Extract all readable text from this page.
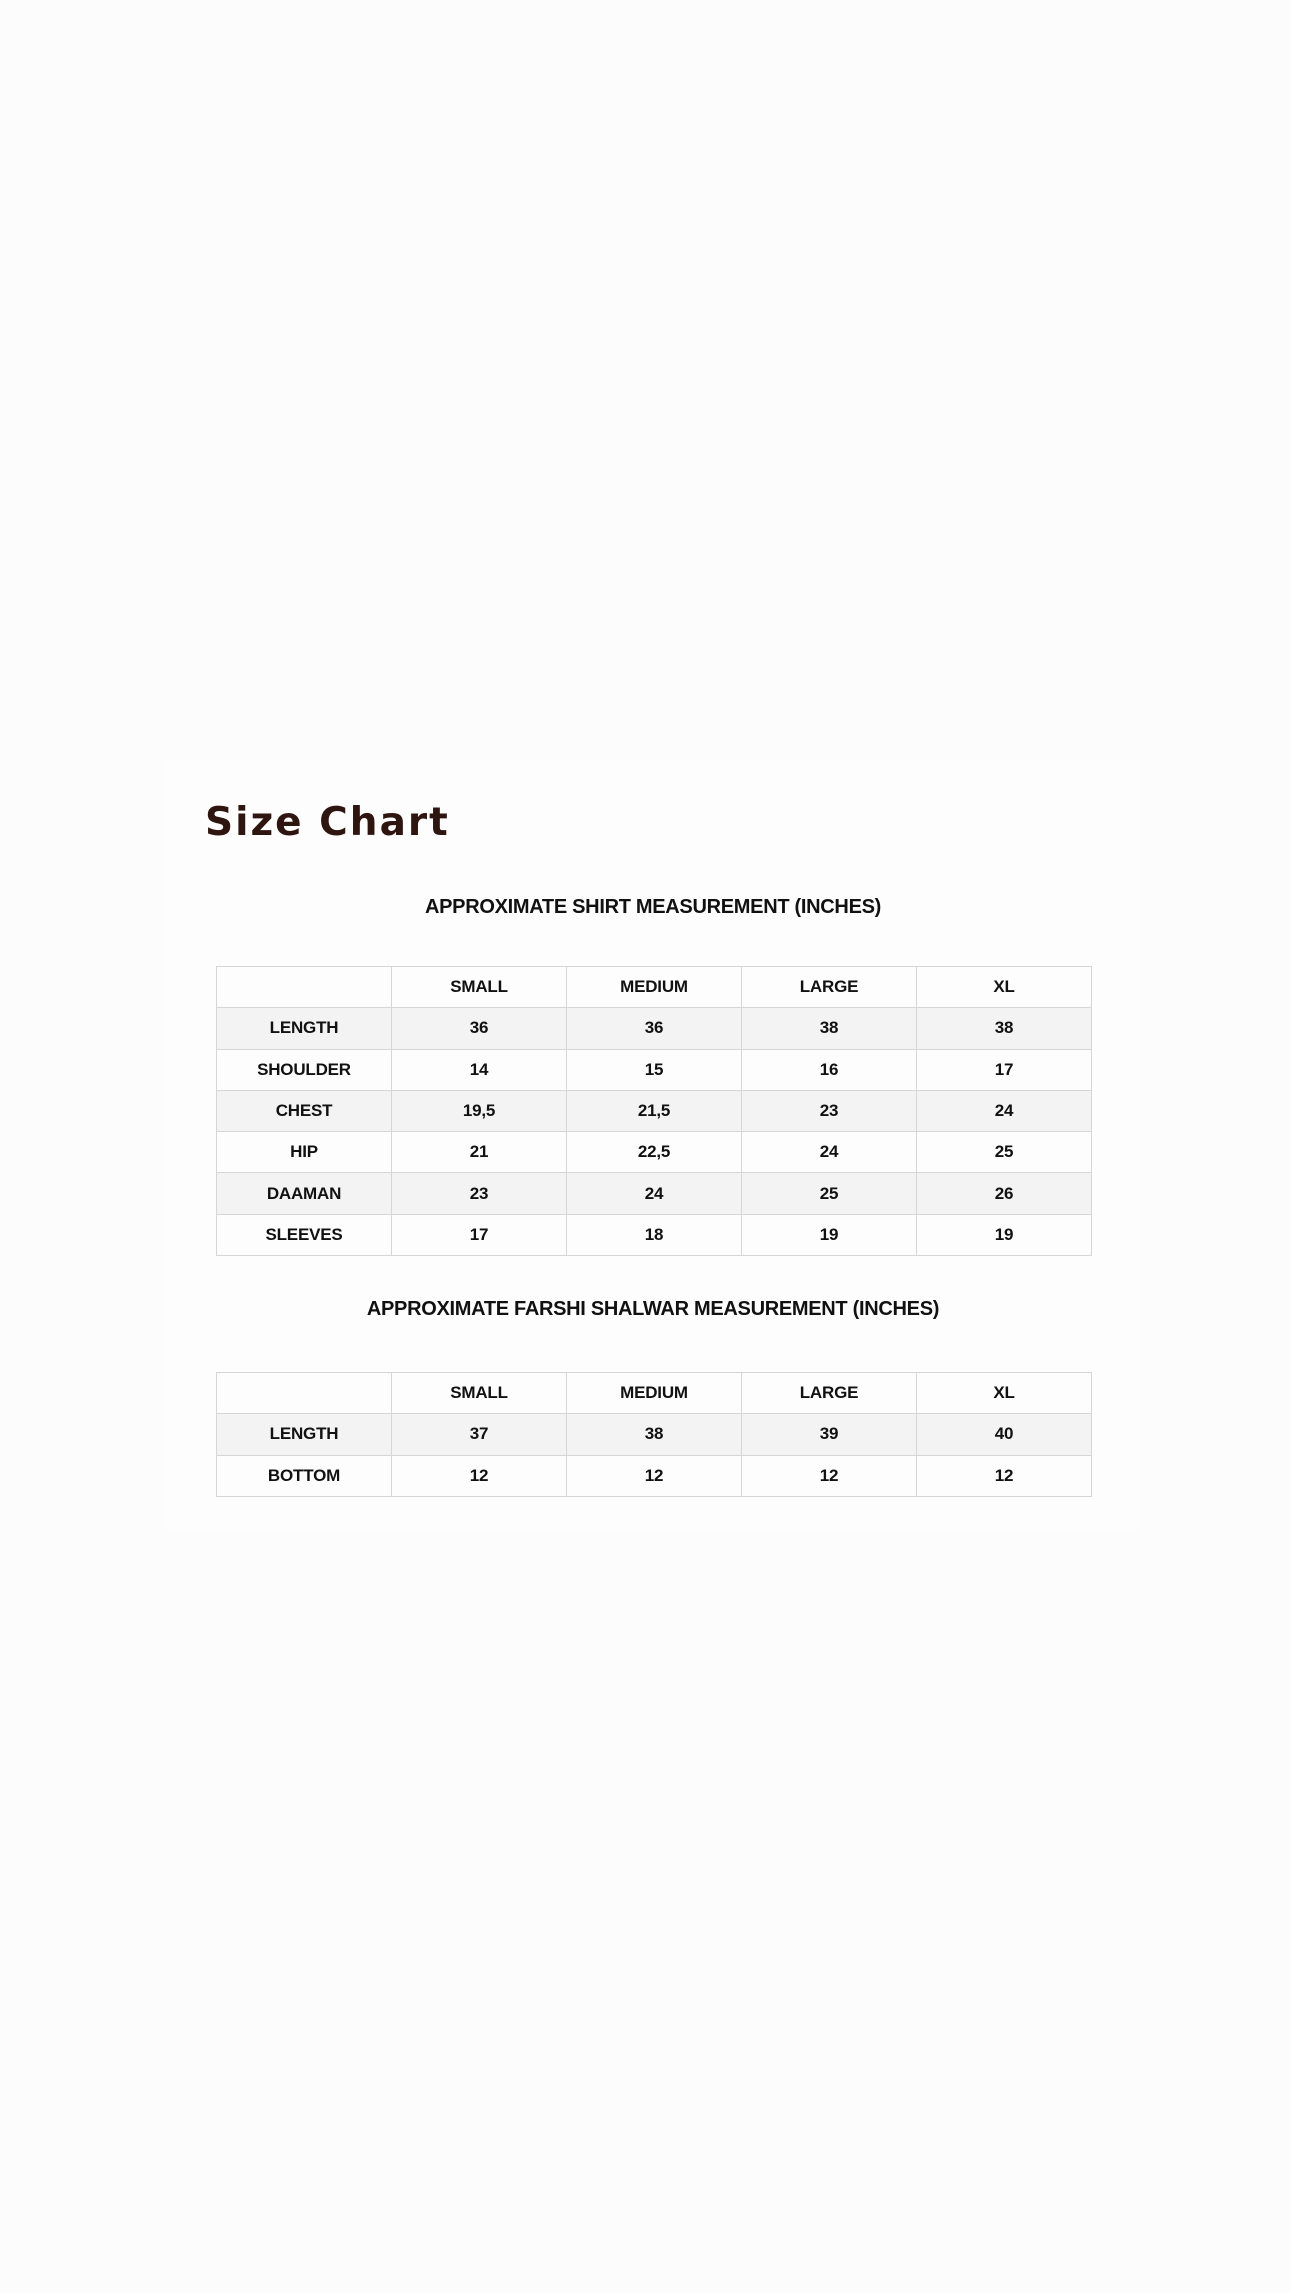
Size Chart
APPROXIMATE SHIRT MEASUREMENT (INCHES)
	SMALL	MEDIUM	LARGE	XL
LENGTH	36	36	38	38
SHOULDER	14	15	16	17
CHEST	19,5	21,5	23	24
HIP	21	22,5	24	25
DAAMAN	23	24	25	26
SLEEVES	17	18	19	19
APPROXIMATE FARSHI SHALWAR MEASUREMENT (INCHES)
	SMALL	MEDIUM	LARGE	XL
LENGTH	37	38	39	40
BOTTOM	12	12	12	12
